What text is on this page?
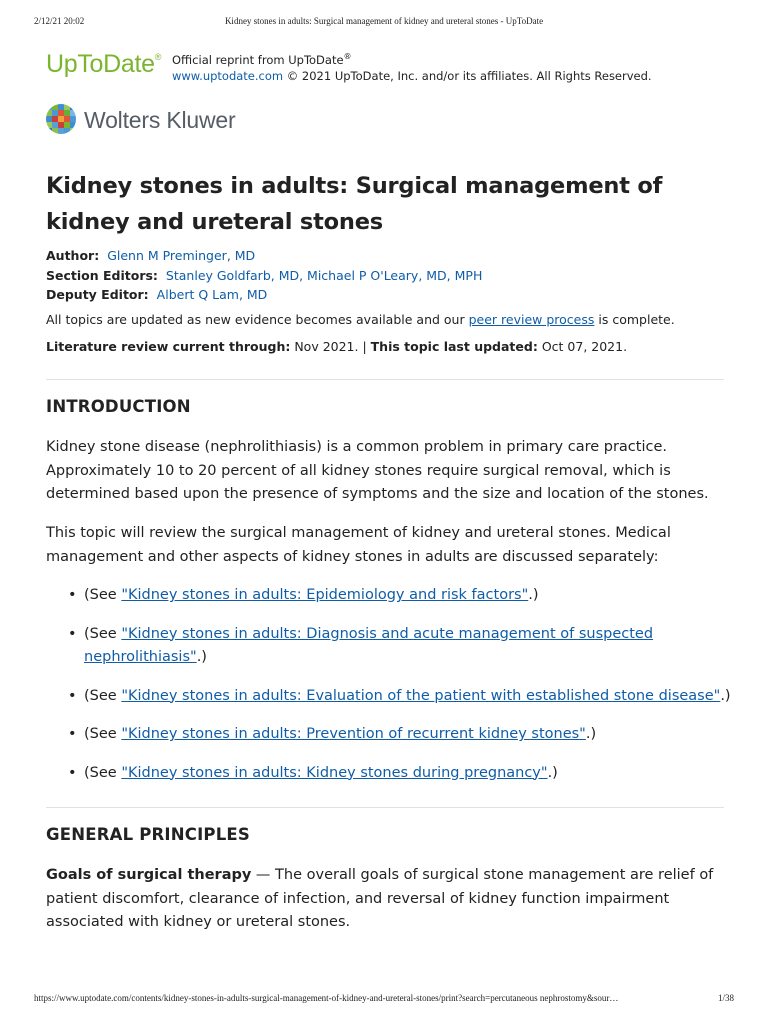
2/12/21 20:02	Kidney stones in adults: Surgical management of kidney and ureteral stones - UpToDate
UpToDate® Official reprint from UpToDate®
www.uptodate.com © 2021 UpToDate, Inc. and/or its affiliates. All Rights Reserved.
Wolters Kluwer
Kidney stones in adults: Surgical management of kidney and ureteral stones
Author: Glenn M Preminger, MD
Section Editors: Stanley Goldfarb, MD, Michael P O'Leary, MD, MPH
Deputy Editor: Albert Q Lam, MD
All topics are updated as new evidence becomes available and our peer review process is complete.
Literature review current through: Nov 2021. | This topic last updated: Oct 07, 2021.
INTRODUCTION

Kidney stone disease (nephrolithiasis) is a common problem in primary care practice. Approximately 10 to 20 percent of all kidney stones require surgical removal, which is determined based upon the presence of symptoms and the size and location of the stones.

This topic will review the surgical management of kidney and ureteral stones. Medical management and other aspects of kidney stones in adults are discussed separately:

• (See "Kidney stones in adults: Epidemiology and risk factors".)
• (See "Kidney stones in adults: Diagnosis and acute management of suspected nephrolithiasis".)
• (See "Kidney stones in adults: Evaluation of the patient with established stone disease".)
• (See "Kidney stones in adults: Prevention of recurrent kidney stones".)
• (See "Kidney stones in adults: Kidney stones during pregnancy".)
GENERAL PRINCIPLES

Goals of surgical therapy — The overall goals of surgical stone management are relief of patient discomfort, clearance of infection, and reversal of kidney function impairment associated with kidney or ureteral stones.

https://www.uptodate.com/contents/kidney-stones-in-adults-surgical-management-of-kidney-and-ureteral-stones/print?search=percutaneous nephrostomy&sour…	1/38
